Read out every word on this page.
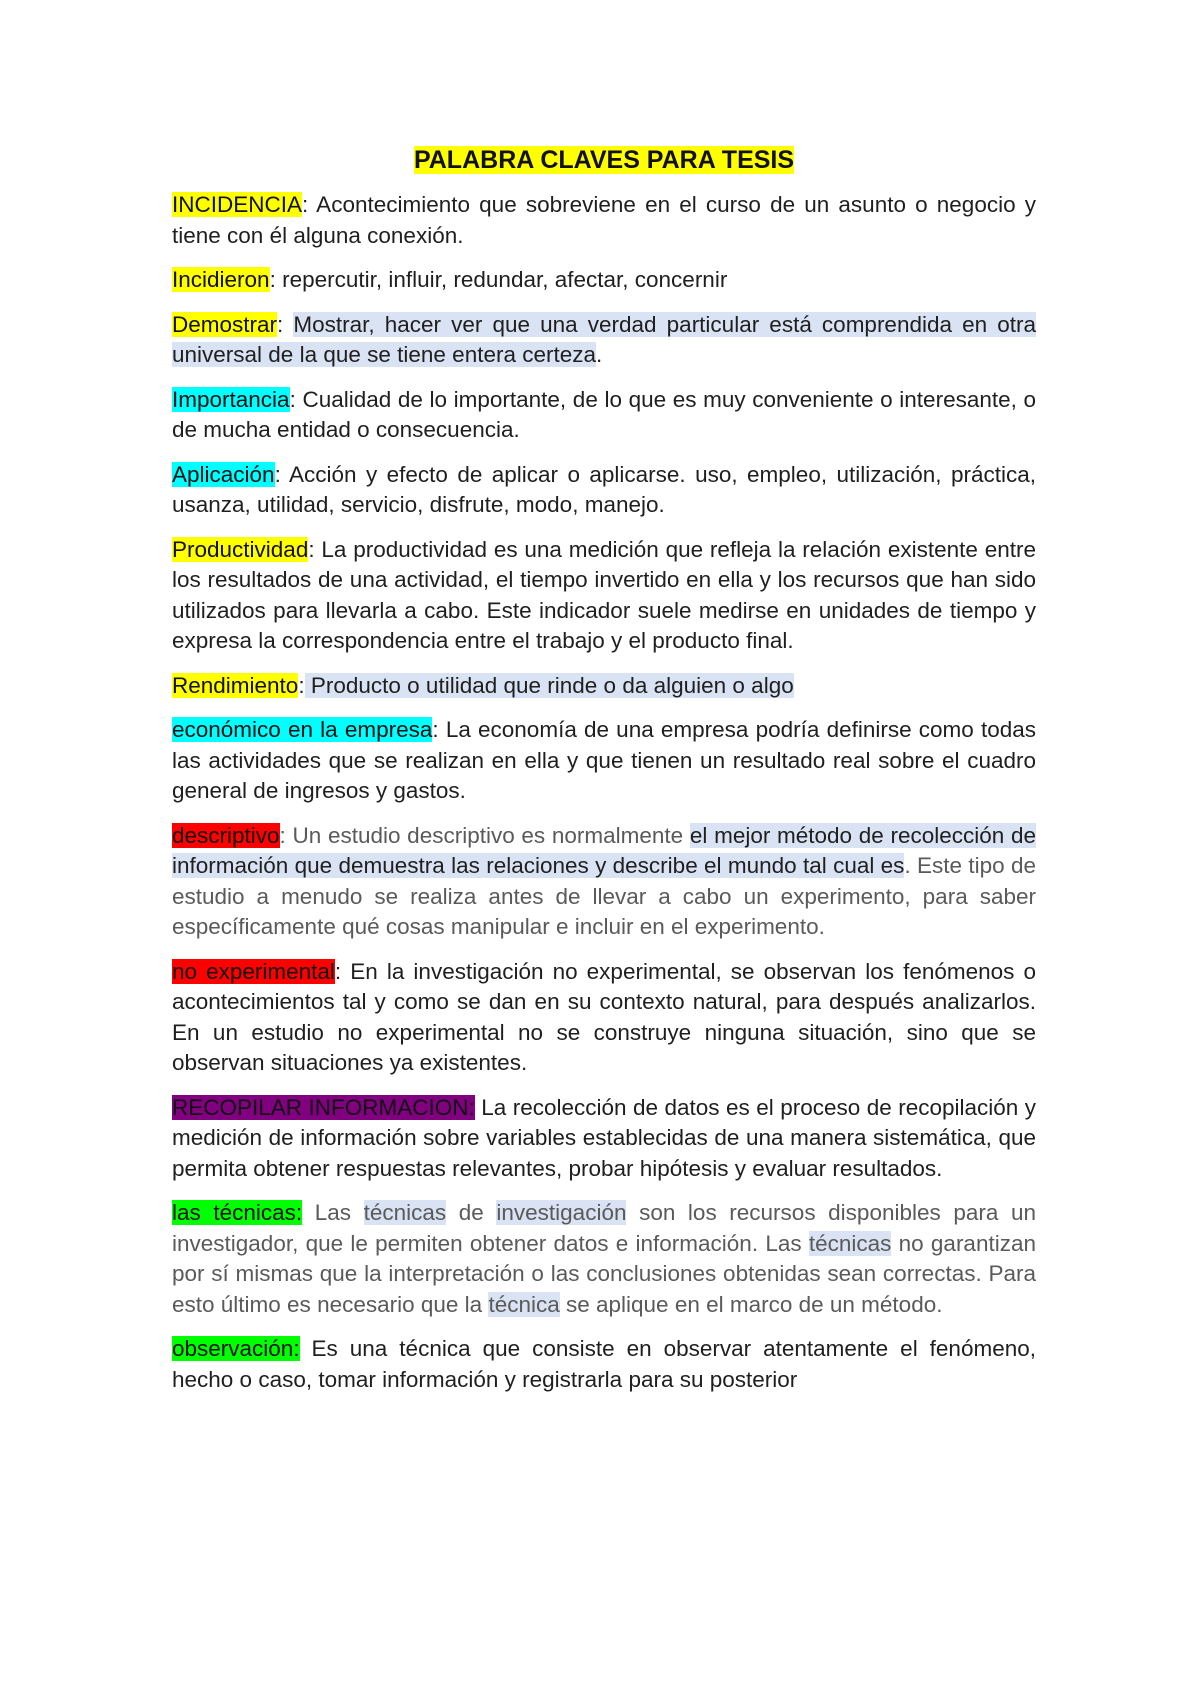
PALABRA CLAVES PARA TESIS

INCIDENCIA: Acontecimiento que sobreviene en el curso de un asunto o negocio y tiene con él alguna conexión.

Incidieron: repercutir, influir, redundar, afectar, concernir

Demostrar: Mostrar, hacer ver que una verdad particular está comprendida en otra universal de la que se tiene entera certeza.

Importancia: Cualidad de lo importante, de lo que es muy conveniente o interesante, o de mucha entidad o consecuencia.

Aplicación: Acción y efecto de aplicar o aplicarse. uso, empleo, utilización, práctica, usanza, utilidad, servicio, disfrute, modo, manejo.

Productividad: La productividad es una medición que refleja la relación existente entre los resultados de una actividad, el tiempo invertido en ella y los recursos que han sido utilizados para llevarla a cabo. Este indicador suele medirse en unidades de tiempo y expresa la correspondencia entre el trabajo y el producto final.

Rendimiento: Producto o utilidad que rinde o da alguien o algo

económico en la empresa: La economía de una empresa podría definirse como todas las actividades que se realizan en ella y que tienen un resultado real sobre el cuadro general de ingresos y gastos.

descriptivo: Un estudio descriptivo es normalmente el mejor método de recolección de información que demuestra las relaciones y describe el mundo tal cual es. Este tipo de estudio a menudo se realiza antes de llevar a cabo un experimento, para saber específicamente qué cosas manipular e incluir en el experimento.

no experimental: En la investigación no experimental, se observan los fenómenos o acontecimientos tal y como se dan en su contexto natural, para después analizarlos. En un estudio no experimental no se construye ninguna situación, sino que se observan situaciones ya existentes.

RECOPILAR INFORMACION: La recolección de datos es el proceso de recopilación y medición de información sobre variables establecidas de una manera sistemática, que permita obtener respuestas relevantes, probar hipótesis y evaluar resultados.

las técnicas: Las técnicas de investigación son los recursos disponibles para un investigador, que le permiten obtener datos e información. Las técnicas no garantizan por sí mismas que la interpretación o las conclusiones obtenidas sean correctas. Para esto último es necesario que la técnica se aplique en el marco de un método.

observación: Es una técnica que consiste en observar atentamente el fenómeno, hecho o caso, tomar información y registrarla para su posterior
